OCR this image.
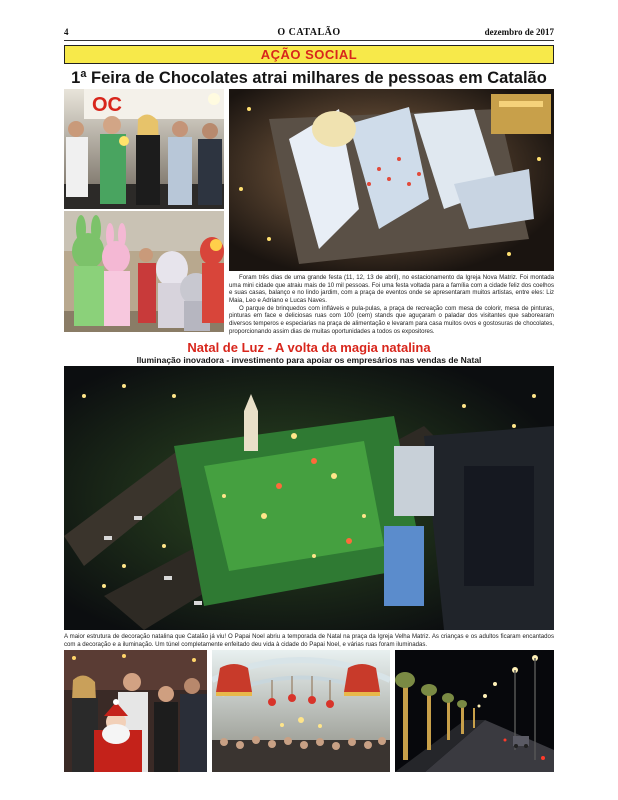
4	O CATALÃO	dezembro de 2017
AÇÃO SOCIAL
1ª Feira de Chocolates atrai milhares de pessoas em Catalão
OC

Foram três dias de uma grande festa (11, 12, 13 de abril), no estacionamento da Igreja Nova Matriz. Foi montada uma mini cidade que atraiu mais de 10 mil pessoas. Foi uma festa voltada para a família com a cidade feliz dos coelhos e suas casas, balanço e no lindo jardim, com a praça de eventos onde se apresentaram muitos artistas, entre eles: Liz Maia, Leo e Adriano e Lucas Naves.

O parque de brinquedos com infláveis e pula-pulas, a praça de recreação com mesa de colorir, mesa de pinturas, pinturas em face e deliciosas ruas com 100 (cem) stands que aguçaram o paladar dos visitantes que saborearam diversos temperos e especiarias na praça de alimentação e levaram para casa muitos ovos e gostosuras de chocolates, proporcionando assim dias de muitas oportunidades a todos os expositores.

Natal de Luz - A volta da magia natalina
Iluminação inovadora - investimento para apoiar os empresários nas vendas de Natal
A maior estrutura de decoração natalina que Catalão já viu! O Papai Noel abriu a temporada de Natal na praça da Igreja Velha Matriz. As crianças e os adultos ficaram encantados com a decoração e a iluminação. Um túnel completamente enfeitado deu vida à cidade do Papai Noel, e várias ruas foram iluminadas.
